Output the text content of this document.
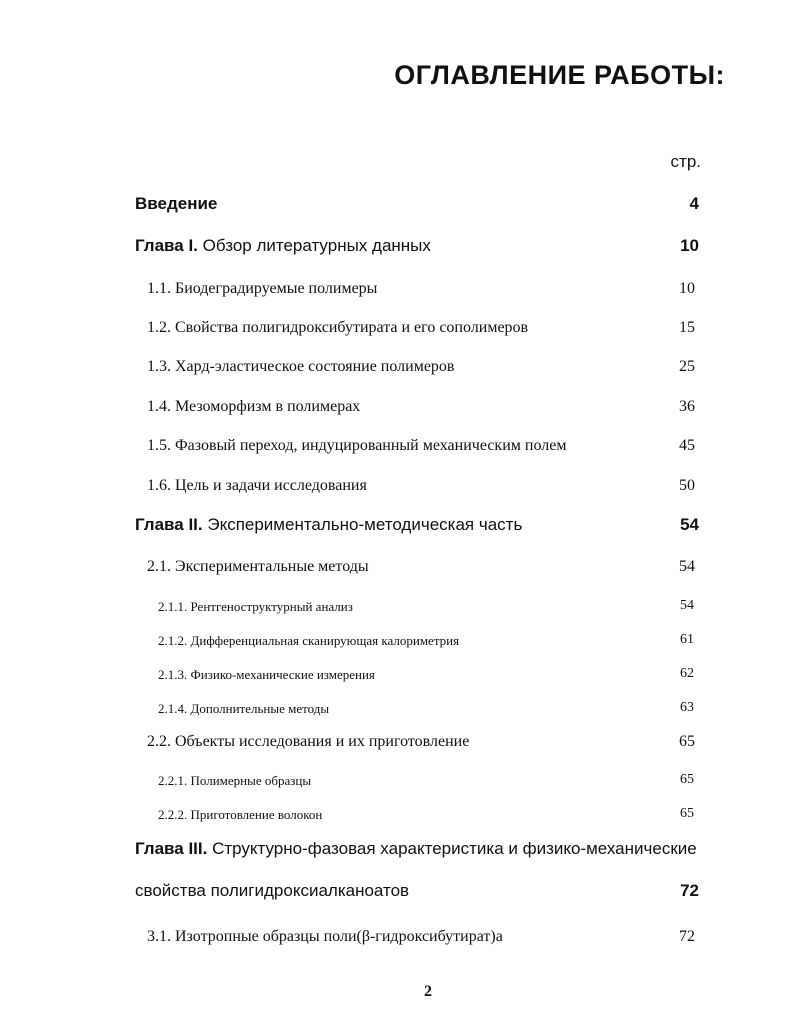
ОГЛАВЛЕНИЕ РАБОТЫ:
стр.
Введение	4
Глава I. Обзор литературных данных	10
1.1. Биодеградируемые полимеры	10
1.2. Свойства полигидроксибутирата и его сополимеров	15
1.3. Хард-эластическое состояние полимеров	25
1.4. Мезоморфизм в полимерах	36
1.5. Фазовый переход, индуцированный механическим полем	45
1.6. Цель и задачи исследования	50
Глава II. Экспериментально-методическая часть	54
2.1. Экспериментальные методы	54
2.1.1. Рентгеноструктурный анализ	54
2.1.2. Дифференциальная сканирующая калориметрия	61
2.1.3. Физико-механические измерения	62
2.1.4. Дополнительные методы	63
2.2. Объекты исследования и их приготовление	65
2.2.1. Полимерные образцы	65
2.2.2. Приготовление волокон	65
Глава III. Структурно-фазовая характеристика и физико-механические
свойства полигидроксиалканоатов	72
3.1. Изотропные образцы поли(β-гидроксибутират)а	72
2
